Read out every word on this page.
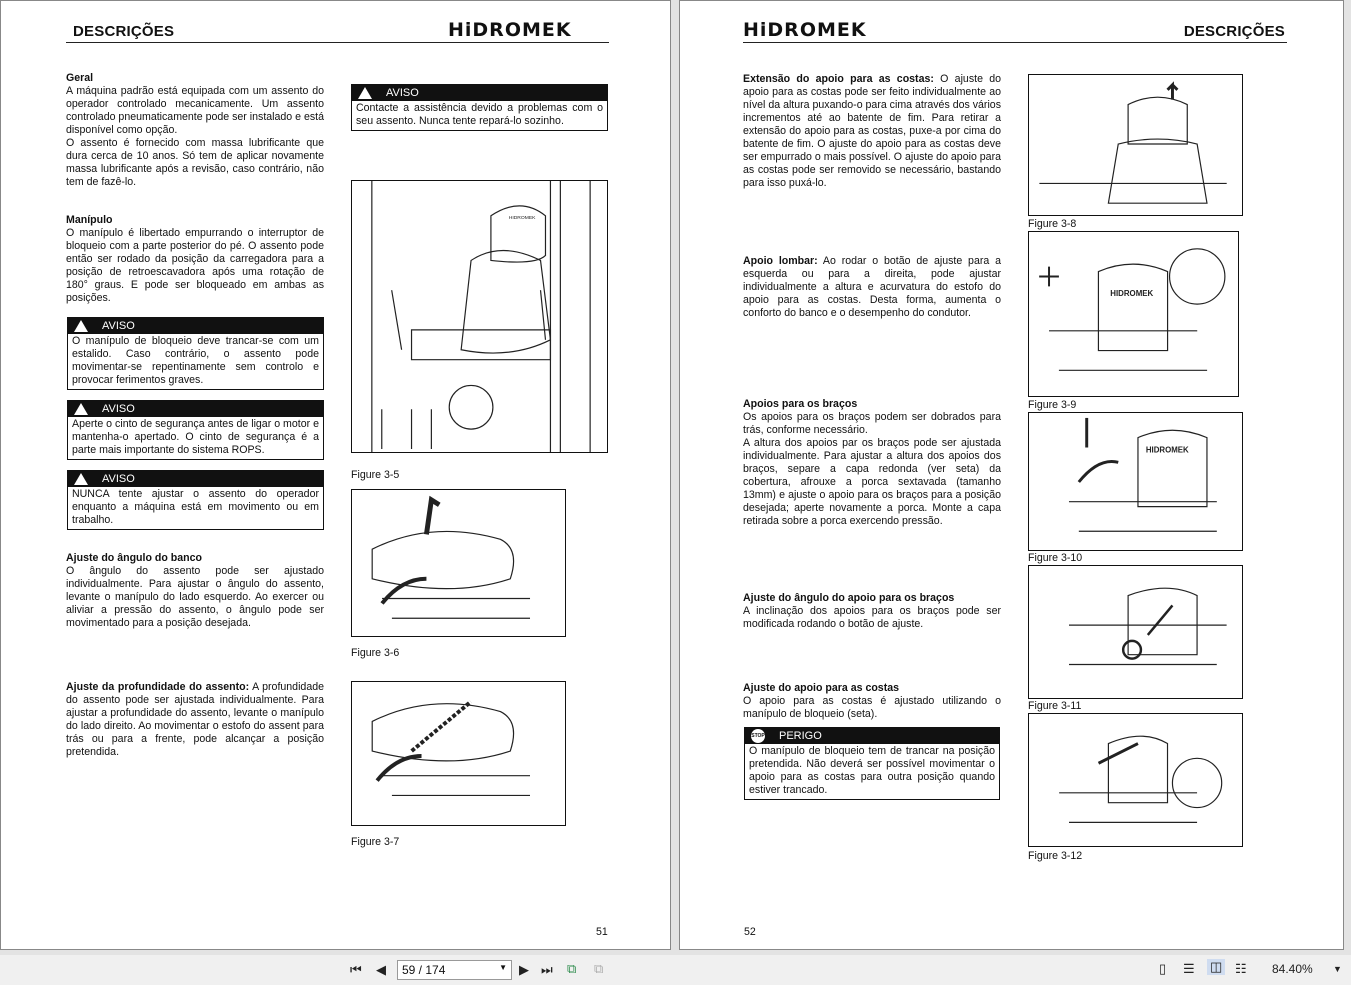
DESCRIÇÕES	HiDROMEK
Geral

A máquina padrão está equipada com um assento do operador controlado mecanicamente. Um assento controlado pneumaticamente pode ser instalado e está disponível como opção.

O assento é fornecido com massa lubrificante que dura cerca de 10 anos. Só tem de aplicar novamente massa lubrificante após a revisão, caso contrário, não tem de fazê-lo.

Manípulo

O manípulo é libertado empurrando o interruptor de bloqueio com a parte posterior do pé. O assento pode então ser rodado da posição da carregadora para a posição de retroescavadora após uma rotação de 180° graus. E pode ser bloqueado em ambas as posições.

AVISO
Contacte a assistência devido a problemas com o seu assento. Nunca tente repará-lo sozinho.
AVISO
O manípulo de bloqueio deve trancar-se com um estalido. Caso contrário, o assento pode movimentar-se repentinamente sem controlo e provocar ferimentos graves.
AVISO
Aperte o cinto de segurança antes de ligar o motor e mantenha-o apertado. O cinto de segurança é a parte mais importante do sistema ROPS.
AVISO
NUNCA tente ajustar o assento do operador enquanto a máquina está em movimento ou em trabalho.
Ajuste do ângulo do banco

O ângulo do assento pode ser ajustado individualmente. Para ajustar o ângulo do assento, levante o manípulo do lado esquerdo. Ao exercer ou aliviar a pressão do assento, o ângulo pode ser movimentado para a posição desejada.

Ajuste da profundidade do assento: A profundidade do assento pode ser ajustada individualmente. Para ajustar a profundidade do assento, levante o manípulo do lado direito. Ao movimentar o estofo do assent para trás ou para a frente, pode alcançar a posição pretendida.

HIDROMEK
Figure 3-5
Figure 3-6
Figure 3-7
51
HiDROMEK	DESCRIÇÕES

Extensão do apoio para as costas: O ajuste do apoio para as costas pode ser feito individualmente ao nível da altura puxando-o para cima através dos vários incrementos até ao batente de fim. Para retirar a extensão do apoio para as costas, puxe-a por cima do batente de fim. O ajuste do apoio para as costas deve ser empurrado o mais possível. O ajuste do apoio para as costas pode ser removido se necessário, bastando para isso puxá-lo.

Apoio lombar: Ao rodar o botão de ajuste para a esquerda ou para a direita, pode ajustar individualmente a altura e acurvatura do estofo do apoio para as costas. Desta forma, aumenta o conforto do banco e o desempenho do condutor.

Apoios para os braços

Os apoios para os braços podem ser dobrados para trás, conforme necessário.

A altura dos apoios par os braços pode ser ajustada individualmente. Para ajustar a altura dos apoios dos braços, separe a capa redonda (ver seta) da cobertura, afrouxe a porca sextavada (tamanho 13mm) e ajuste o apoio para os braços para a posição desejada; aperte novamente a porca. Monte a capa retirada sobre a porca exercendo pressão.

Ajuste do ângulo do apoio para os braços

A inclinação dos apoios para os braços pode ser modificada rodando o botão de ajuste.

Ajuste do apoio para as costas

O apoio para as costas é ajustado utilizando o manípulo de bloqueio (seta).

STOP PERIGO
O manípulo de bloqueio tem de trancar na posição pretendida. Não deverá ser possível movimentar o apoio para as costas para outra posição quando estiver trancado.
Figure 3-8
HIDROMEK
Figure 3-9
HIDROMEK
Figure 3-10
Figure 3-11
Figure 3-12
52
⏮ ◀	59 / 174	▼ ▶ ⏭ ⧉ ⧉	▯ ☰ ◫ ☷ 84.40% ▼
